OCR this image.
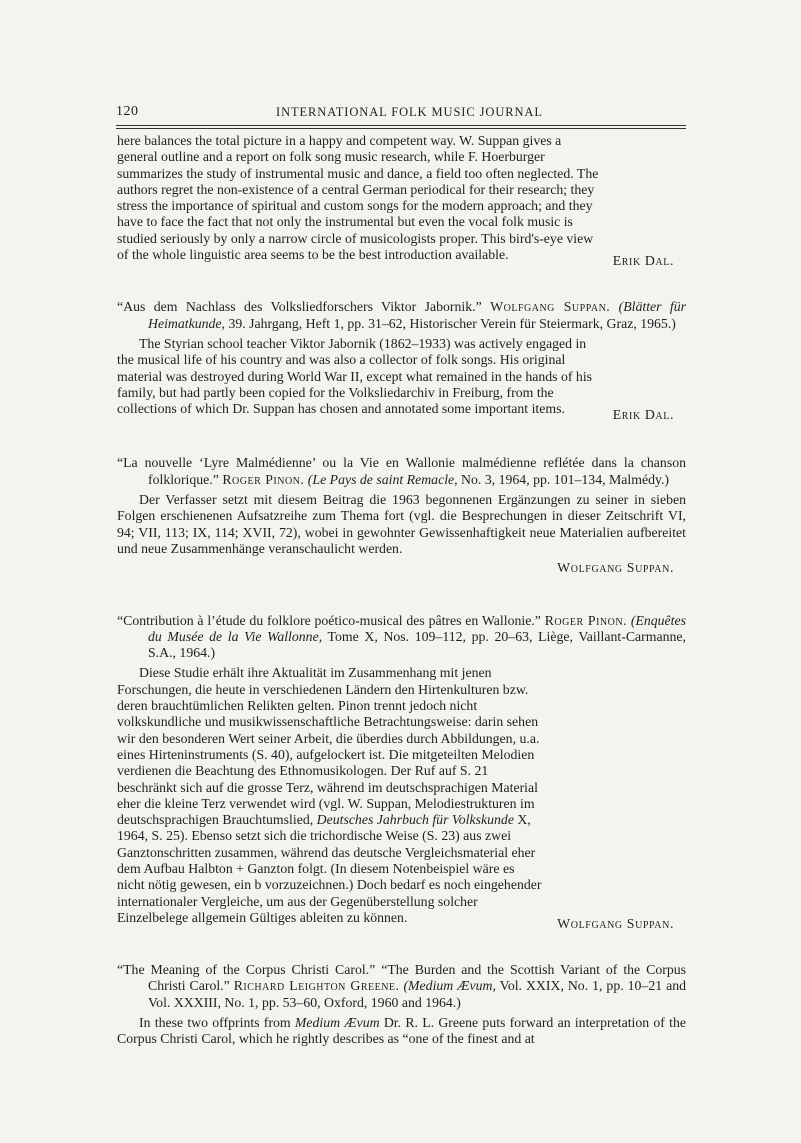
120	INTERNATIONAL FOLK MUSIC JOURNAL

here balances the total picture in a happy and competent way. W. Suppan gives a general outline and a report on folk song music research, while F. Hoerburger summarizes the study of instrumental music and dance, a field too often neglected. The authors regret the non-existence of a central German periodical for their research; they stress the importance of spiritual and custom songs for the modern approach; and they have to face the fact that not only the instrumental but even the vocal folk music is studied seriously by only a narrow circle of musicologists proper. This bird's-eye view of the whole linguistic area seems to be the best introduction available.	Erik Dal.

“Aus dem Nachlass des Volksliedforschers Viktor Jabornik.” Wolfgang Suppan. (Blätter für Heimatkunde, 39. Jahrgang, Heft 1, pp. 31–62, Historischer Verein für Steiermark, Graz, 1965.)

The Styrian school teacher Viktor Jabornik (1862–1933) was actively engaged in the musical life of his country and was also a collector of folk songs. His original material was destroyed during World War II, except what remained in the hands of his family, but had partly been copied for the Volksliedarchiv in Freiburg, from the collections of which Dr. Suppan has chosen and annotated some important items.	Erik Dal.

“La nouvelle ‘Lyre Malmédienne’ ou la Vie en Wallonie malmédienne reflétée dans la chanson folklorique.” Roger Pinon. (Le Pays de saint Remacle, No. 3, 1964, pp. 101–134, Malmédy.)

Der Verfasser setzt mit diesem Beitrag die 1963 begonnenen Ergänzungen zu seiner in sieben Folgen erschienenen Aufsatzreihe zum Thema fort (vgl. die Besprechungen in dieser Zeitschrift VI, 94; VII, 113; IX, 114; XVII, 72), wobei in gewohnter Gewissenhaftigkeit neue Materialien aufbereitet und neue Zusammenhänge veranschaulicht werden.

Wolfgang Suppan.

“Contribution à l’étude du folklore poético-musical des pâtres en Wallonie.” Roger Pinon. (Enquêtes du Musée de la Vie Wallonne, Tome X, Nos. 109–112, pp. 20–63, Liège, Vaillant-Carmanne, S.A., 1964.)

Diese Studie erhält ihre Aktualität im Zusammenhang mit jenen Forschungen, die heute in verschiedenen Ländern den Hirtenkulturen bzw. deren brauchtümlichen Relikten gelten. Pinon trennt jedoch nicht volkskundliche und musikwissenschaftliche Betrachtungsweise: darin sehen wir den besonderen Wert seiner Arbeit, die überdies durch Abbildungen, u.a. eines Hirteninstruments (S. 40), aufgelockert ist. Die mitgeteilten Melodien verdienen die Beachtung des Ethnomusikologen. Der Ruf auf S. 21 beschränkt sich auf die grosse Terz, während im deutschsprachigen Material eher die kleine Terz verwendet wird (vgl. W. Suppan, Melodiestrukturen im deutschsprachigen Brauchtumslied, Deutsches Jahrbuch für Volkskunde X, 1964, S. 25). Ebenso setzt sich die trichordische Weise (S. 23) aus zwei Ganztonschritten zusammen, während das deutsche Vergleichsmaterial eher dem Aufbau Halbton + Ganzton folgt. (In diesem Notenbeispiel wäre es nicht nötig gewesen, ein b vorzuzeichnen.) Doch bedarf es noch eingehender internationaler Vergleiche, um aus der Gegenüberstellung solcher Einzelbelege allgemein Gültiges ableiten zu können.	Wolfgang Suppan.

“The Meaning of the Corpus Christi Carol.” “The Burden and the Scottish Variant of the Corpus Christi Carol.” Richard Leighton Greene. (Medium Ævum, Vol. XXIX, No. 1, pp. 10–21 and Vol. XXXIII, No. 1, pp. 53–60, Oxford, 1960 and 1964.)

In these two offprints from Medium Ævum Dr. R. L. Greene puts forward an interpretation of the Corpus Christi Carol, which he rightly describes as “one of the finest and at
